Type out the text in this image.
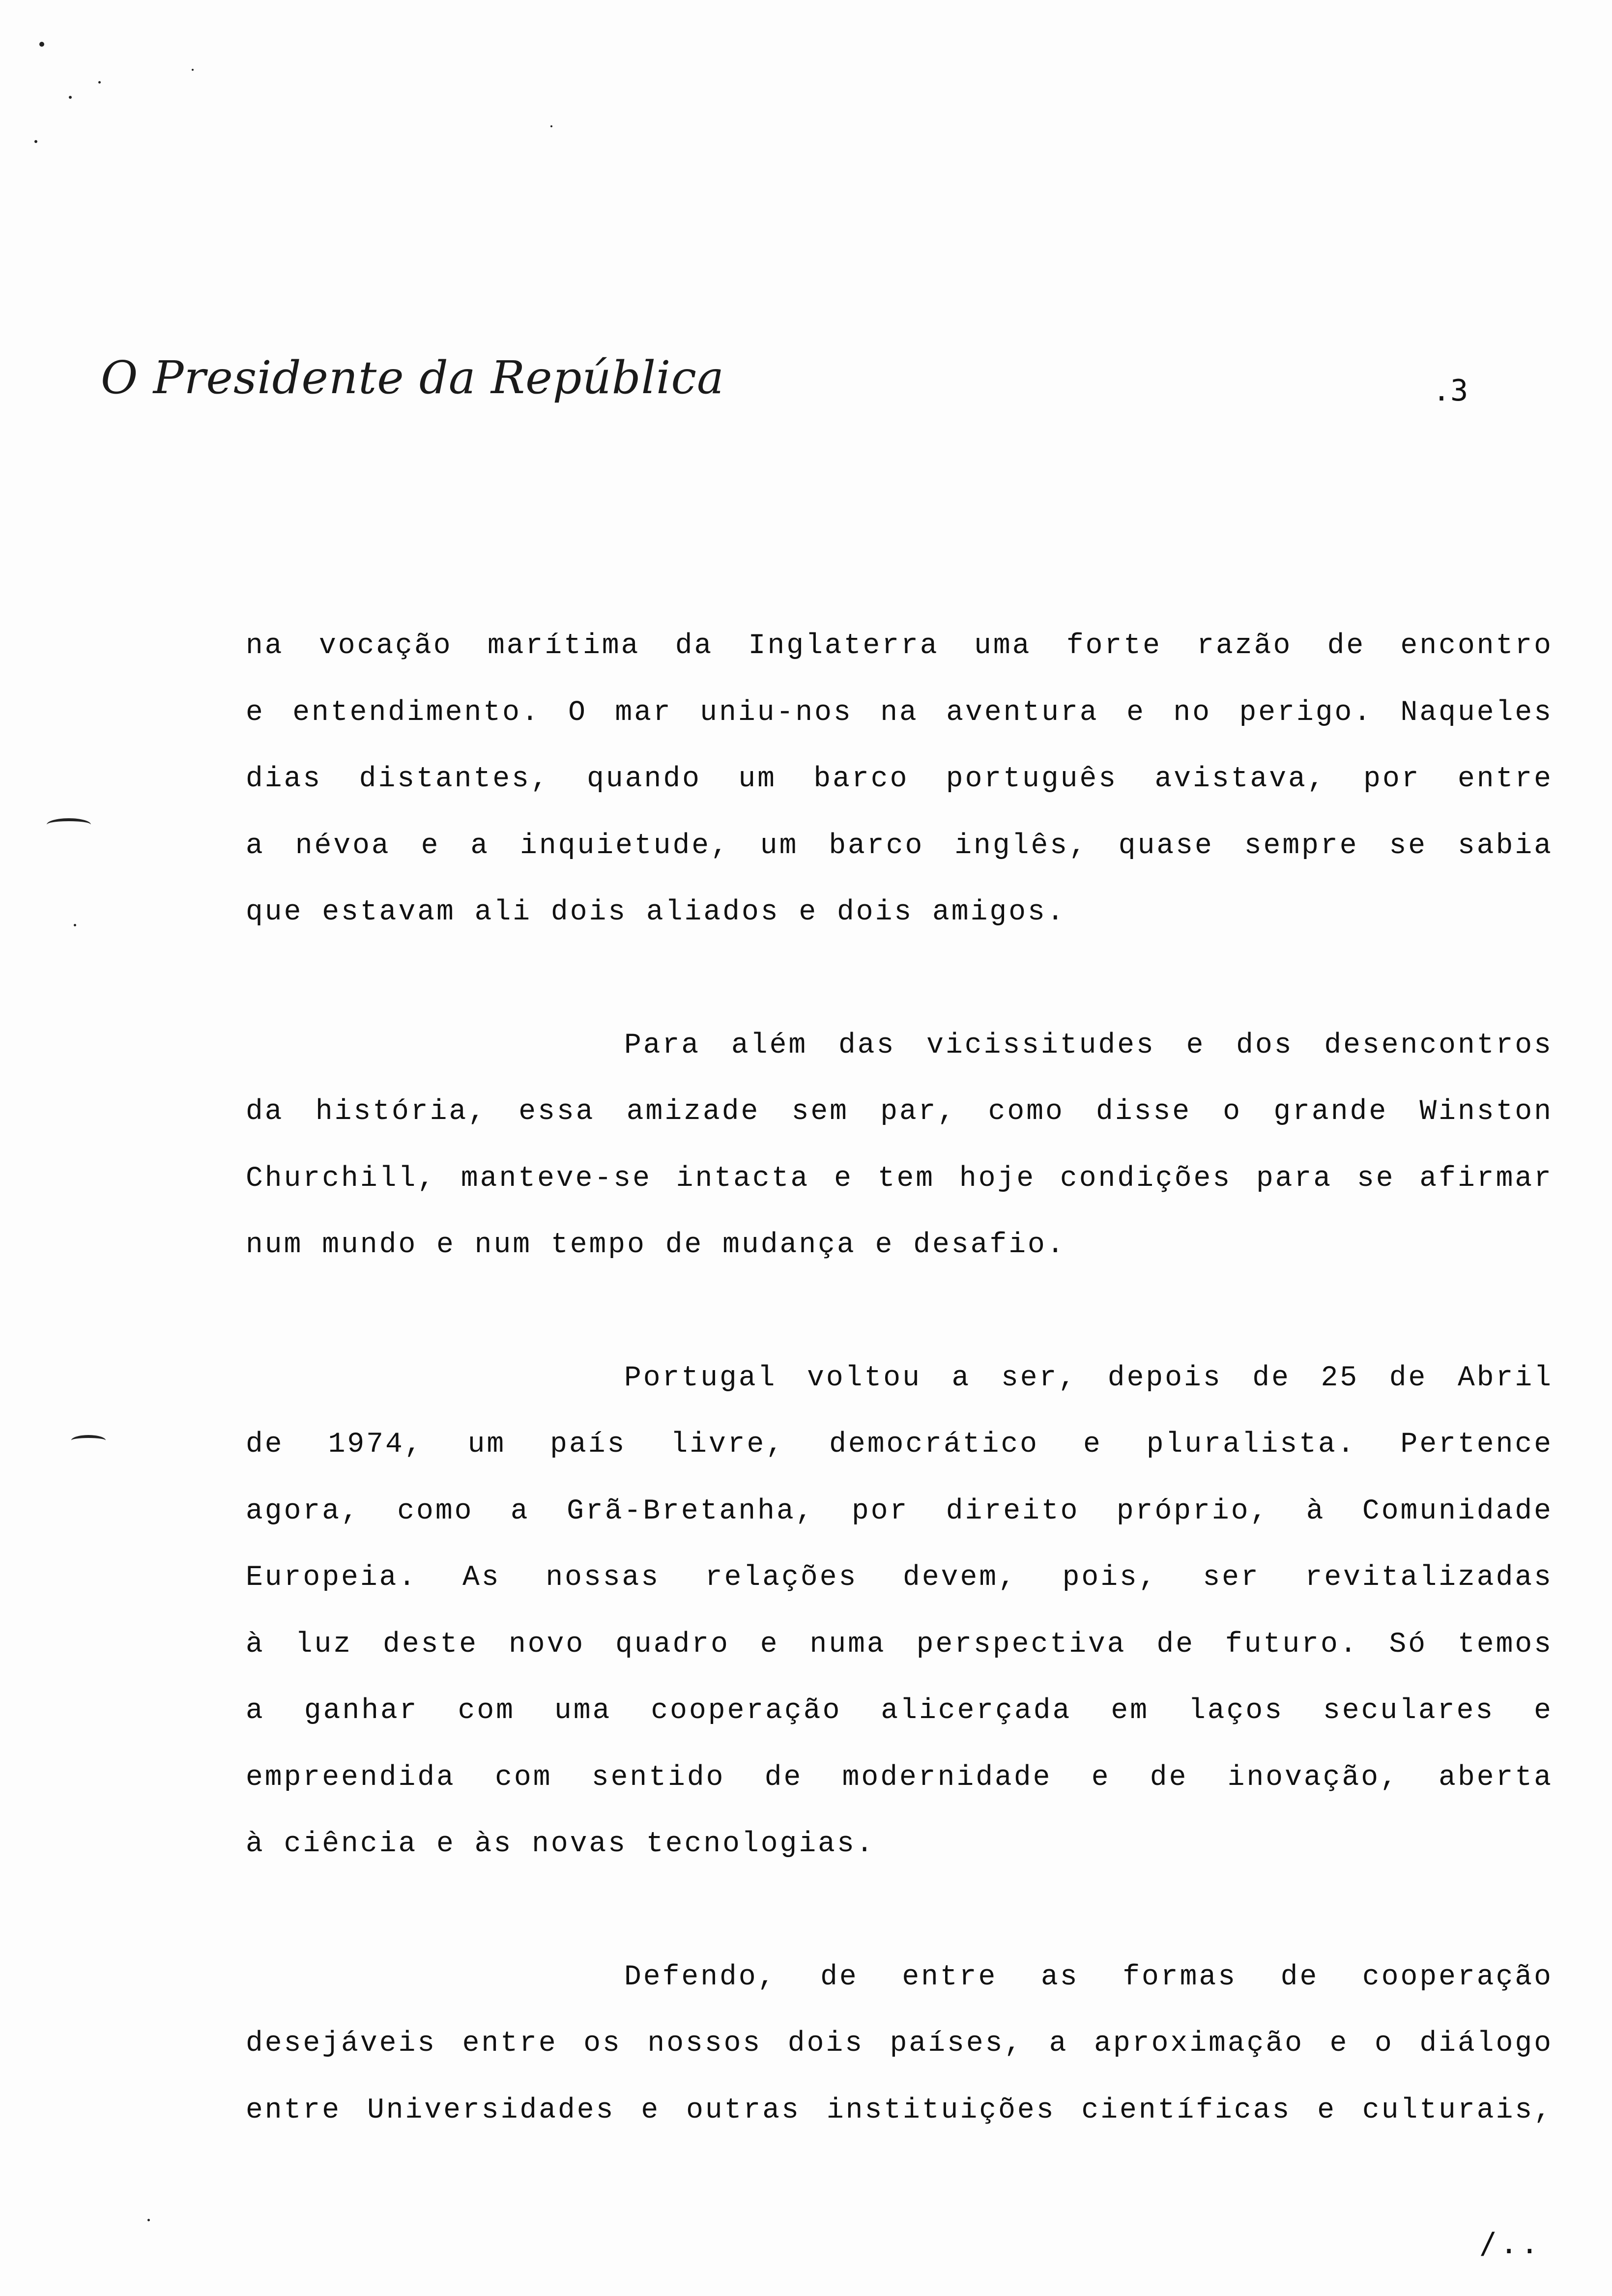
O Presidente da República	.3
na vocação marítima da Inglaterra uma forte razão de encontro
e entendimento. O mar uniu-nos na aventura e no perigo. Naqueles
dias distantes, quando um barco português avistava, por entre
a névoa e a inquietude, um barco inglês, quase sempre se sabia
que estavam ali dois aliados e dois amigos.
Para além das vicissitudes e dos desencontros
da história, essa amizade sem par, como disse o grande Winston
Churchill, manteve-se intacta e tem hoje condições para se afirmar
num mundo e num tempo de mudança e desafio.
Portugal voltou a ser, depois de 25 de Abril
de 1974, um país livre, democrático e pluralista. Pertence
agora, como a Grã-Bretanha, por direito próprio, à Comunidade
Europeia. As nossas relações devem, pois, ser revitalizadas
à luz deste novo quadro e numa perspectiva de futuro. Só temos
a ganhar com uma cooperação alicerçada em laços seculares e
empreendida com sentido de modernidade e de inovação, aberta
à ciência e às novas tecnologias.
Defendo, de entre as formas de cooperação
desejáveis entre os nossos dois países, a aproximação e o diálogo
entre Universidades e outras instituições científicas e culturais,
/..
